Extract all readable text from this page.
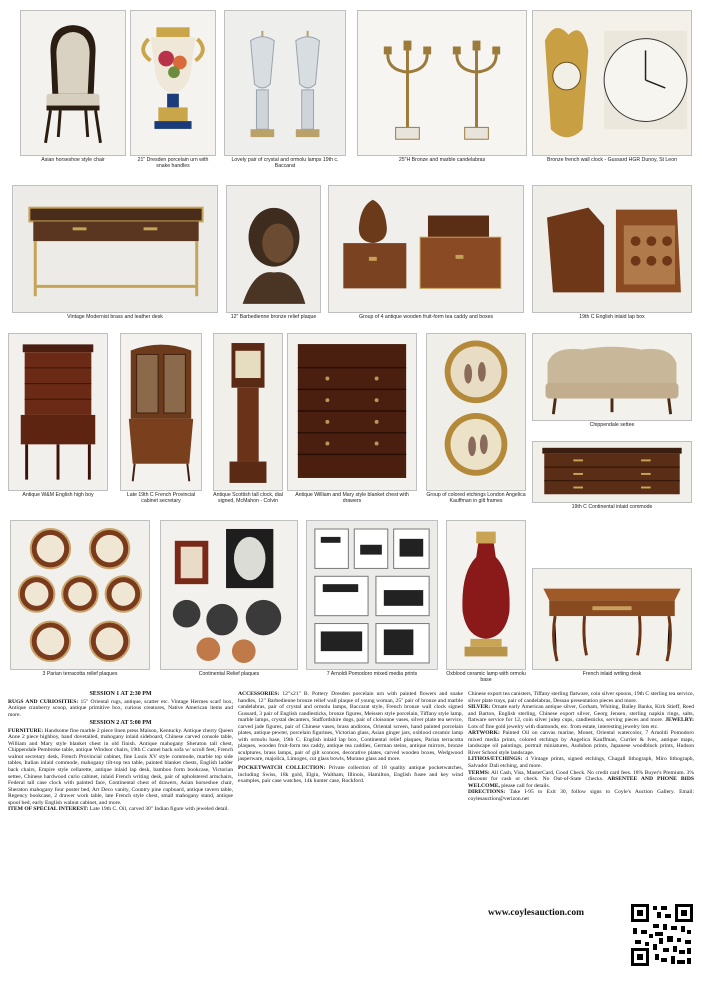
Asian horseshoe style chair	21" Dresden porcelain urn with snake handles
Lovely pair of crystal and ormolu lamps 19th c. Baccarat
25"H Bronze and marble candelabras	Bronze french wall clock - Gussard HGR Dunoy, St Leon
Vintage Modernist brass and leather desk	12" Barbedienne bronze relief plaque	Group of 4 antique wooden fruit-form tea caddy and boxes	19th C English inlaid lap box
Antique W&M English high boy	Late 19th C French Provincial cabinet secretary
Antique Scottish tall clock, dial signed, McMahon - Colvin
Antique William and Mary style blanket chest with drawers
Group of colored etchings London Angelica Kauffman in gilt frames
Chippendale settee
19th C Continental inlaid commode
3 Parian terracotta relief plaques	Continental Relief plaques	7 Arnoldi Pomodoro mixed media prints	Oxblood ceramic lamp with ormolu base
French inlaid writing desk
SESSION 1 AT 2:30 PM

RUGS AND CURIOSITIES: 15" Oriental rugs, antique, scatter etc. Vintage Hermes scarf box, Antique cranberry scoop, antique primitive box, curious creatures, Native American items and more.

SESSION 2 AT 5:00 PM

FURNITURE: Handsome fine marble 2 piece linen press Maison, Kentucky. Antique cherry Queen Anne 2 piece highboy, hand dovetailed, mahogany inlaid sideboard, Chinese carved console table, William and Mary style blanket chest in old finish. Antique mahogany Sheraton tall chest, Chippendale Pembroke table, antique Windsor chairs, 19th C camel back sofa w/ scroll feet, French walnut secretary desk, French Provincial cabinet, fine Louis XV style commode, marble top side tables, Italian inlaid commode, mahogany tilt-top tea table, painted blanket chests, English ladder back chairs, Empire style cellarette, antique inlaid lap desk, bamboo form bookcase, Victorian settee, Chinese hardwood curio cabinet, inlaid French writing desk, pair of upholstered armchairs, Federal tall case clock with painted face, Continental chest of drawers, Asian horseshoe chair, Sheraton mahogany four poster bed, Art Deco vanity, Country pine cupboard, antique tavern table, Regency bookcase, 2 drawer work table, late French style chest, small mahogany stand, antique spool bed, early English walnut cabinet, and more.

ITEM OF SPECIAL INTEREST: Late 19th C. Oil, carved 30" Indian figure with jeweled detail.

ACCESSORIES: 12"x21" B. Pottery Dresden porcelain urn with painted flowers and snake handles, 12" Barbedienne bronze relief wall plaque of young woman, 25" pair of bronze and marble candelabras, pair of crystal and ormolu lamps, Baccarat style, French bronze wall clock signed Gussard, 3 pair of English candlesticks, bronze figures, Meissen style porcelain, Tiffany style lamp, marble lamps, crystal decanters, Staffordshire dogs, pair of cloisonne vases, silver plate tea service, carved jade figures, pair of Chinese vases, brass andirons, Oriental screen, hand painted porcelain plates, antique pewter, porcelain figurines, Victorian glass, Asian ginger jars, oxblood ceramic lamp with ormolu base, 19th C. English inlaid lap box, Continental relief plaques, Parian terracotta plaques, wooden fruit-form tea caddy, antique tea caddies, German steins, antique mirrors, bronze sculptures, brass lamps, pair of gilt sconces, decorative plates, carved wooden boxes, Wedgwood jasperware, majolica, Limoges, cut glass bowls, Murano glass and more.

POCKETWATCH COLLECTION: Private collection of 18 quality antique pocketwatches, including Swiss, 18k gold, Elgin, Waltham, Illinois, Hamilton, English fusee and key wind examples, pair case watches, 14k hunter case, Rockford.

Chinese export tea canisters, Tiffany sterling flatware, coin silver spoons, 19th C sterling tea service, silver plate trays, pair of candelabras, Dessau presentation pieces and more.

SILVER: Ornate early American antique silver, Gorham, Whiting, Bailey Banks, Kirk Stieff, Reed and Barton, English sterling, Chinese export silver, Georg Jensen, sterling napkin rings, salts, flatware service for 12, coin silver julep cups, candlesticks, serving pieces and more. JEWELRY: Lots of fine gold jewelry with diamonds, etc. from estate, interesting jewelry lots etc.

ARTWORK: Painted Oil on canvas marine, Monet, Oriental watercolor, 7 Arnoldi Pomodoro mixed media prints, colored etchings by Angelica Kauffman, Currier & Ives, antique maps, landscape oil paintings, portrait miniatures, Audubon prints, Japanese woodblock prints, Hudson River School style landscape.

LITHOS/ETCHINGS: 4 Vintage prints, signed etchings, Chagall lithograph, Miro lithograph, Salvador Dali etching, and more.

TERMS: All Cash, Visa, MasterCard, Good Check. No credit card fees. 18% Buyer's Premium. 3% discount for cash or check. No Out-of-State Checks. ABSENTEE AND PHONE BIDS WELCOME, please call for details.

DIRECTIONS: Take I-95 to Exit 30, follow signs to Coyle's Auction Gallery. Email: coylesauction@verizon.net

www.coylesauction.com
